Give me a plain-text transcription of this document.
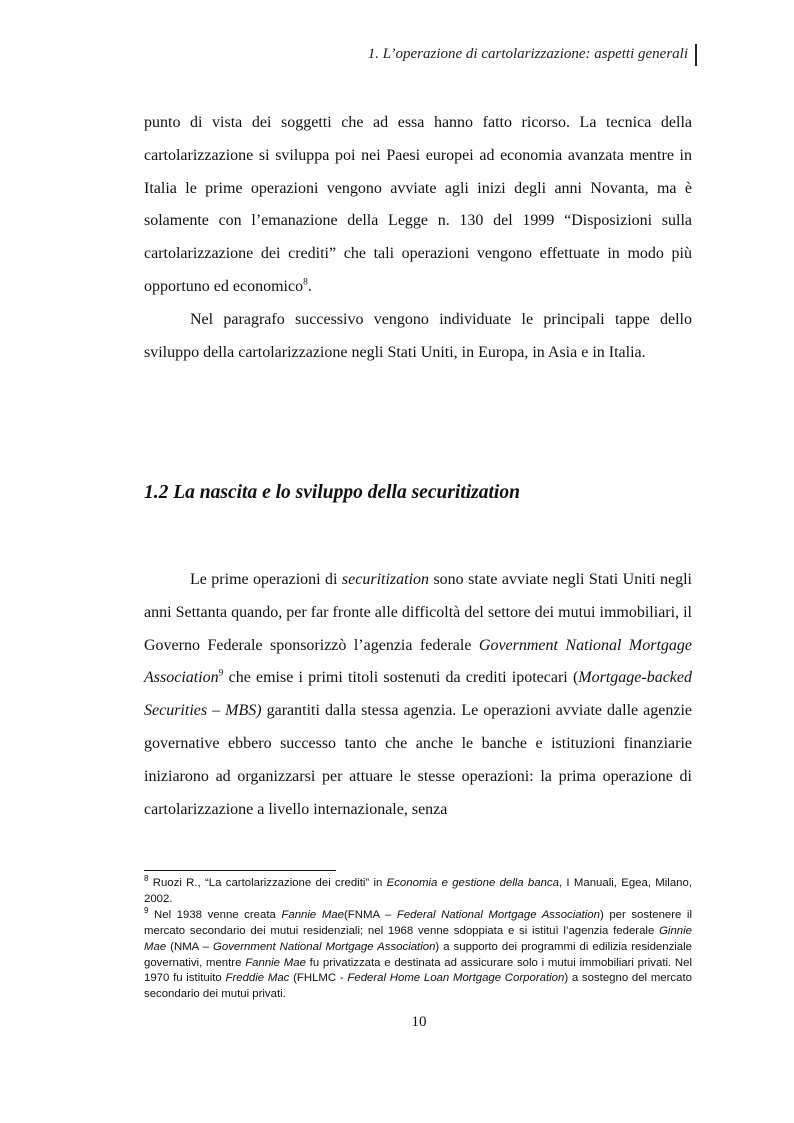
1. L’operazione di cartolarizzazione: aspetti generali

punto di vista dei soggetti che ad essa hanno fatto ricorso. La tecnica della cartolarizzazione si sviluppa poi nei Paesi europei ad economia avanzata mentre in Italia le prime operazioni vengono avviate agli inizi degli anni Novanta, ma è solamente con l’emanazione della Legge n. 130 del 1999 “Disposizioni sulla cartolarizzazione dei crediti” che tali operazioni vengono effettuate in modo più opportuno ed economico$^8$.

Nel paragrafo successivo vengono individuate le principali tappe dello sviluppo della cartolarizzazione negli Stati Uniti, in Europa, in Asia e in Italia.

1.2 La nascita e lo sviluppo della securitization

Le prime operazioni di securitization sono state avviate negli Stati Uniti negli anni Settanta quando, per far fronte alle difficoltà del settore dei mutui immobiliari, il Governo Federale sponsorizzò l’agenzia federale Government National Mortgage Association$^9$ che emise i primi titoli sostenuti da crediti ipotecari (Mortgage-backed Securities – MBS) garantiti dalla stessa agenzia. Le operazioni avviate dalle agenzie governative ebbero successo tanto che anche le banche e istituzioni finanziarie iniziarono ad organizzarsi per attuare le stesse operazioni: la prima operazione di cartolarizzazione a livello internazionale, senza

$^8$ Ruozi R., “La cartolarizzazione dei crediti” in Economia e gestione della banca, I Manuali, Egea, Milano, 2002.

$^9$ Nel 1938 venne creata Fannie Mae(FNMA – Federal National Mortgage Association) per sostenere il mercato secondario dei mutui residenziali; nel 1968 venne sdoppiata e si istituì l’agenzia federale Ginnie Mae (NMA – Government National Mortgage Association) a supporto dei programmi di edilizia residenziale governativi, mentre Fannie Mae fu privatizzata e destinata ad assicurare solo i mutui immobiliari privati. Nel 1970 fu istituito Freddie Mac (FHLMC - Federal Home Loan Mortgage Corporation) a sostegno del mercato secondario dei mutui privati.

10
